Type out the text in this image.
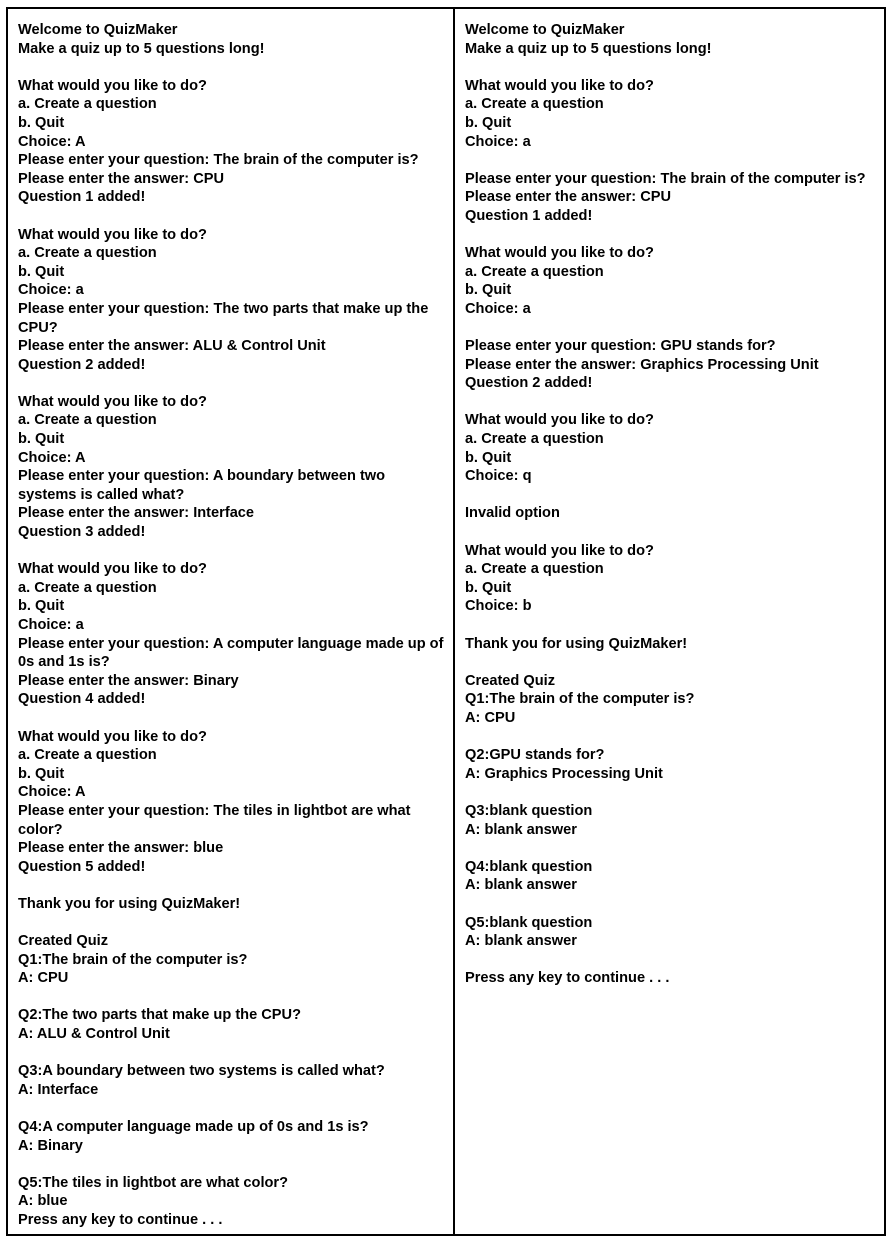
Welcome to QuizMaker
Make a quiz up to 5 questions long!
What would you like to do?
a. Create a question
b. Quit
Choice: A
Please enter your question: The brain of the computer is?
Please enter the answer: CPU
Question 1 added!
What would you like to do?
a. Create a question
b. Quit
Choice: a
Please enter your question: The two parts that make up the CPU?
Please enter the answer: ALU & Control Unit
Question 2 added!
What would you like to do?
a. Create a question
b. Quit
Choice: A
Please enter your question: A boundary between two systems is called what?
Please enter the answer: Interface
Question 3 added!
What would you like to do?
a. Create a question
b. Quit
Choice: a
Please enter your question: A computer language made up of 0s and 1s is?
Please enter the answer: Binary
Question 4 added!
What would you like to do?
a. Create a question
b. Quit
Choice: A
Please enter your question: The tiles in lightbot are what color?
Please enter the answer: blue
Question 5 added!
Thank you for using QuizMaker!
Created Quiz
Q1:The brain of the computer is?
A: CPU
Q2:The two parts that make up the CPU?
A: ALU & Control Unit
Q3:A boundary between two systems is called what?
A: Interface
Q4:A computer language made up of 0s and 1s is?
A: Binary
Q5:The tiles in lightbot are what color?
A: blue
Press any key to continue . . .
Welcome to QuizMaker
Make a quiz up to 5 questions long!
What would you like to do?
a. Create a question
b. Quit
Choice: a
Please enter your question: The brain of the computer is?
Please enter the answer: CPU
Question 1 added!
What would you like to do?
a. Create a question
b. Quit
Choice: a
Please enter your question: GPU stands for?
Please enter the answer: Graphics Processing Unit
Question 2 added!
What would you like to do?
a. Create a question
b. Quit
Choice: q
Invalid option
What would you like to do?
a. Create a question
b. Quit
Choice: b
Thank you for using QuizMaker!
Created Quiz
Q1:The brain of the computer is?
A: CPU
Q2:GPU stands for?
A: Graphics Processing Unit
Q3:blank question
A: blank answer
Q4:blank question
A: blank answer
Q5:blank question
A: blank answer
Press any key to continue . . .
